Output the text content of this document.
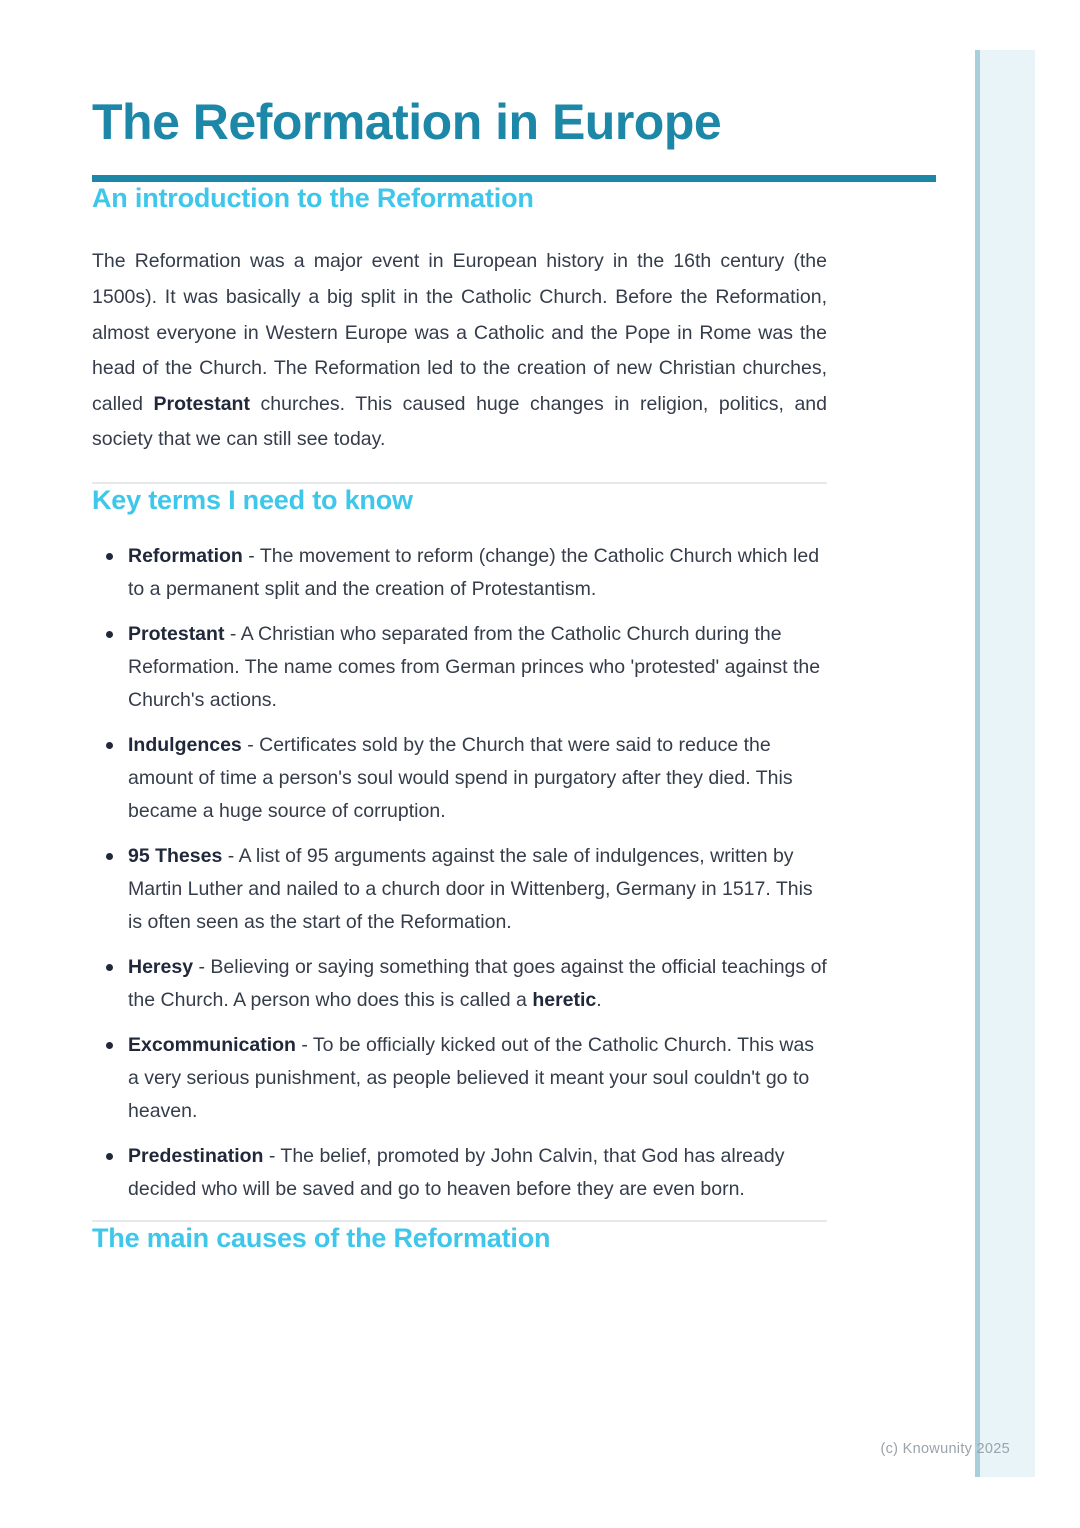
The Reformation in Europe
An introduction to the Reformation

The Reformation was a major event in European history in the 16th century (the 1500s). It was basically a big split in the Catholic Church. Before the Reformation, almost everyone in Western Europe was a Catholic and the Pope in Rome was the head of the Church. The Reformation led to the creation of new Christian churches, called Protestant churches. This caused huge changes in religion, politics, and society that we can still see today.

Key terms I need to know
Reformation - The movement to reform (change) the Catholic Church which led to a permanent split and the creation of Protestantism.
Protestant - A Christian who separated from the Catholic Church during the Reformation. The name comes from German princes who 'protested' against the Church's actions.
Indulgences - Certificates sold by the Church that were said to reduce the amount of time a person's soul would spend in purgatory after they died. This became a huge source of corruption.
95 Theses - A list of 95 arguments against the sale of indulgences, written by Martin Luther and nailed to a church door in Wittenberg, Germany in 1517. This is often seen as the start of the Reformation.
Heresy - Believing or saying something that goes against the official teachings of the Church. A person who does this is called a heretic.
Excommunication - To be officially kicked out of the Catholic Church. This was a very serious punishment, as people believed it meant your soul couldn't go to heaven.
Predestination - The belief, promoted by John Calvin, that God has already decided who will be saved and go to heaven before they are even born.
The main causes of the Reformation
(c) Knowunity 2025
